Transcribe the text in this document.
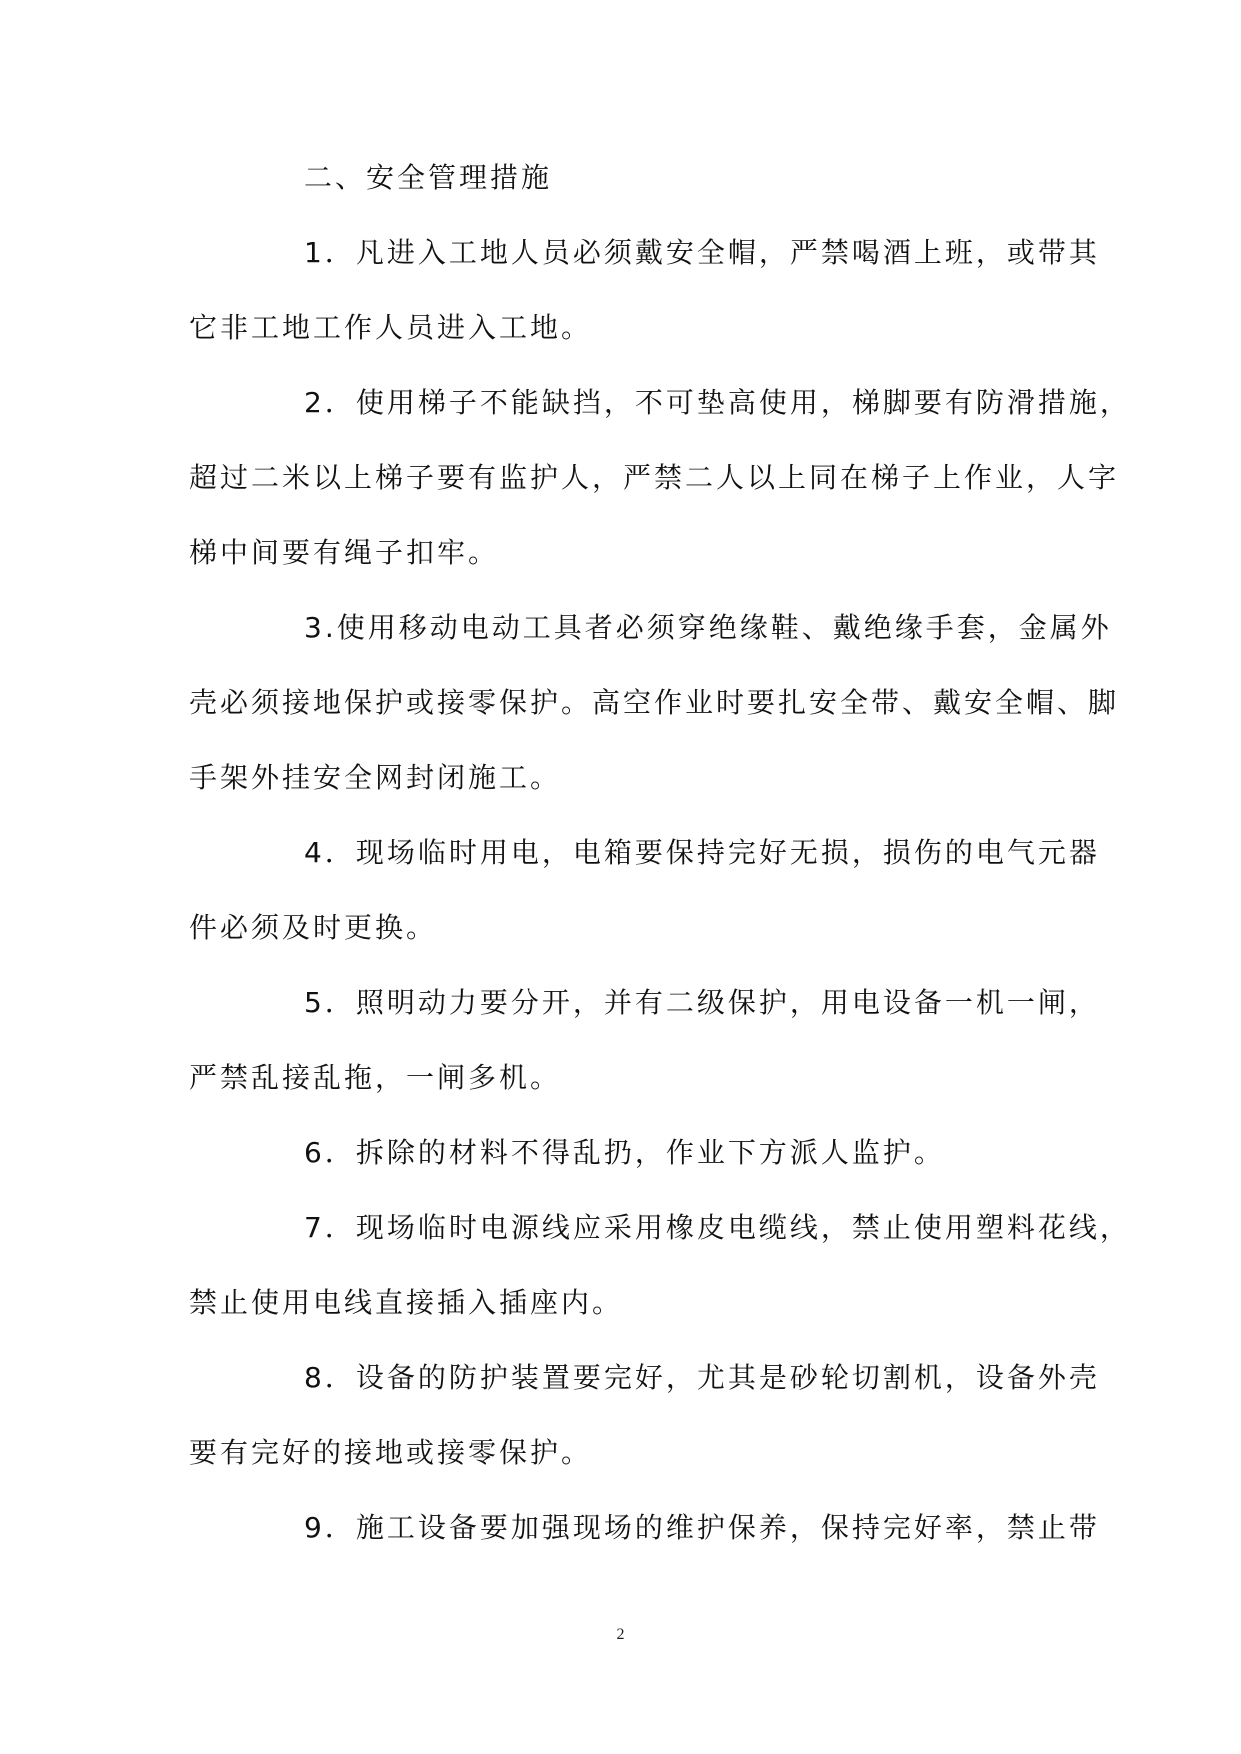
二、安全管理措施
1．凡进入工地人员必须戴安全帽，严禁喝酒上班，或带其
它非工地工作人员进入工地。
2．使用梯子不能缺挡，不可垫高使用，梯脚要有防滑措施，
超过二米以上梯子要有监护人，严禁二人以上同在梯子上作业，人字
梯中间要有绳子扣牢。
3.使用移动电动工具者必须穿绝缘鞋、戴绝缘手套，金属外
壳必须接地保护或接零保护。高空作业时要扎安全带、戴安全帽、脚
手架外挂安全网封闭施工。
4．现场临时用电，电箱要保持完好无损，损伤的电气元器
件必须及时更换。
5．照明动力要分开，并有二级保护，用电设备一机一闸，
严禁乱接乱拖，一闸多机。
6．拆除的材料不得乱扔，作业下方派人监护。
7．现场临时电源线应采用橡皮电缆线，禁止使用塑料花线，
禁止使用电线直接插入插座内。
8．设备的防护装置要完好，尤其是砂轮切割机，设备外壳
要有完好的接地或接零保护。
9．施工设备要加强现场的维护保养，保持完好率，禁止带
2
